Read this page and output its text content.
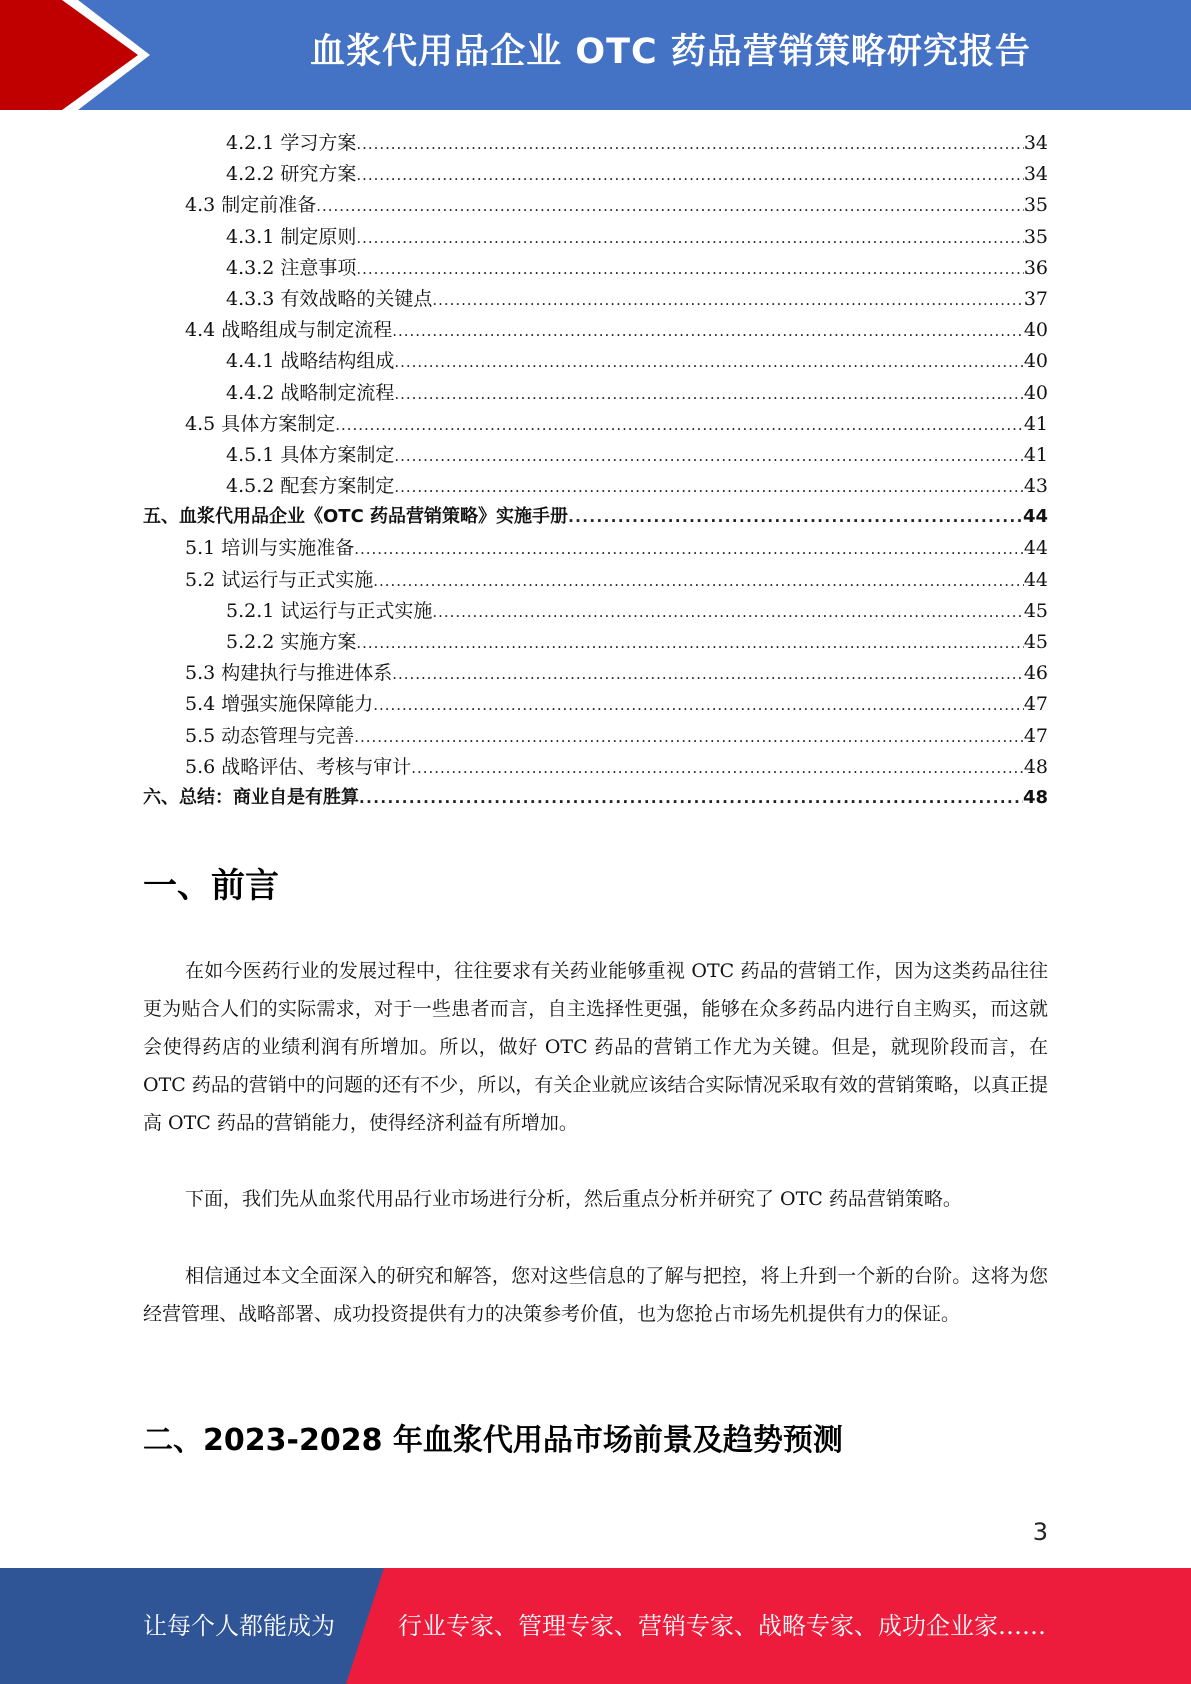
血浆代用品企业 OTC 药品营销策略研究报告
4.2.1 学习方案 . . .	34
4.2.2 研究方案 . . .	34
4.3 制定前准备 . . .	35
4.3.1 制定原则 . . .	35
4.3.2 注意事项 . . .	36
4.3.3 有效战略的关键点 . . .	37
4.4 战略组成与制定流程 . . .	40
4.4.1 战略结构组成 . . .	40
4.4.2 战略制定流程 . . .	40
4.5 具体方案制定 . . .	41
4.5.1 具体方案制定 . . .	41
4.5.2 配套方案制定 . . .	43
五、血浆代用品企业《OTC 药品营销策略》实施手册 . . .	44
5.1 培训与实施准备 . . .	44
5.2 试运行与正式实施 . . .	44
5.2.1 试运行与正式实施 . . .	45
5.2.2 实施方案 . . .	45
5.3 构建执行与推进体系 . . .	46
5.4 增强实施保障能力 . . .	47
5.5 动态管理与完善 . . .	47
5.6 战略评估、考核与审计 . . .	48
六、总结：商业自是有胜算 . . .	48
一、前言

在如今医药行业的发展过程中，往往要求有关药业能够重视 OTC 药品的营销工作，因为这类药品往往更为贴合人们的实际需求，对于一些患者而言，自主选择性更强，能够在众多药品内进行自主购买，而这就会使得药店的业绩利润有所增加。所以，做好 OTC 药品的营销工作尤为关键。但是，就现阶段而言，在 OTC 药品的营销中的问题的还有不少，所以，有关企业就应该结合实际情况采取有效的营销策略，以真正提高 OTC 药品的营销能力，使得经济利益有所增加。

下面，我们先从血浆代用品行业市场进行分析，然后重点分析并研究了 OTC 药品营销策略。

相信通过本文全面深入的研究和解答，您对这些信息的了解与把控，将上升到一个新的台阶。这将为您经营管理、战略部署、成功投资提供有力的决策参考价值，也为您抢占市场先机提供有力的保证。

二、2023-2028 年血浆代用品市场前景及趋势预测
3
让每个人都能成为	行业专家、管理专家、营销专家、战略专家、成功企业家……
